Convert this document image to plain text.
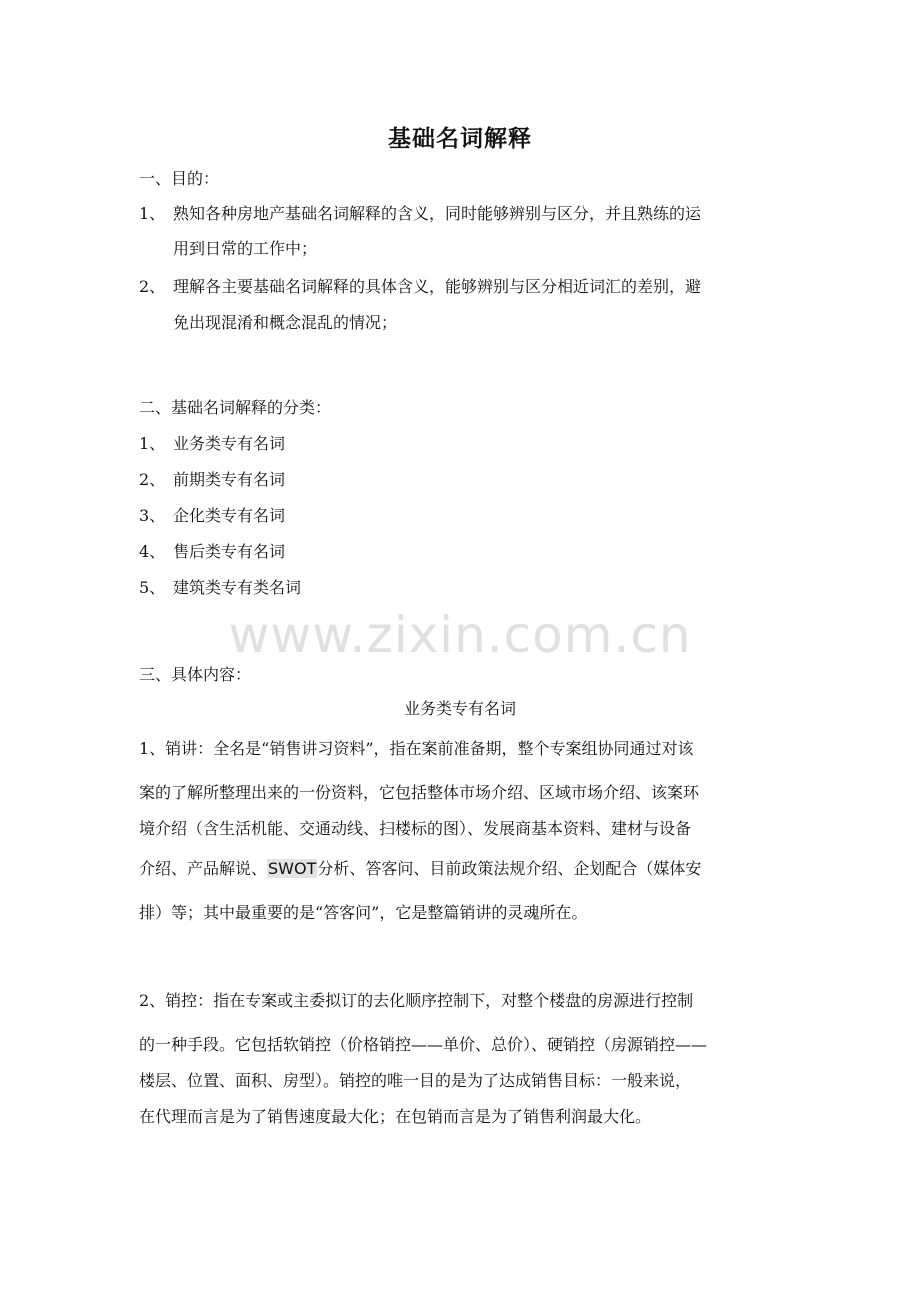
基础名词解释
一、目的：
1、 熟知各种房地产基础名词解释的含义，同时能够辨别与区分，并且熟练的运
用到日常的工作中；
2、 理解各主要基础名词解释的具体含义，能够辨别与区分相近词汇的差别，避
免出现混淆和概念混乱的情况；
二、基础名词解释的分类：
1、 业务类专有名词
2、 前期类专有名词
3、 企化类专有名词
4、 售后类专有名词
5、 建筑类专有类名词
www.zixin.com.cn
三、具体内容：
业务类专有名词
1、销讲：全名是“销售讲习资料”，指在案前准备期，整个专案组协同通过对该
案的了解所整理出来的一份资料，它包括整体市场介绍、区域市场介绍、该案环
境介绍（含生活机能、交通动线、扫楼标的图）、发展商基本资料、建材与设备
介绍、产品解说、SWOT分析、答客问、目前政策法规介绍、企划配合（媒体安
排）等；其中最重要的是“答客问”，它是整篇销讲的灵魂所在。
2、销控：指在专案或主委拟订的去化顺序控制下，对整个楼盘的房源进行控制
的一种手段。它包括软销控（价格销控——单价、总价）、硬销控（房源销控——
楼层、位置、面积、房型）。销控的唯一目的是为了达成销售目标：一般来说，
在代理而言是为了销售速度最大化；在包销而言是为了销售利润最大化。
